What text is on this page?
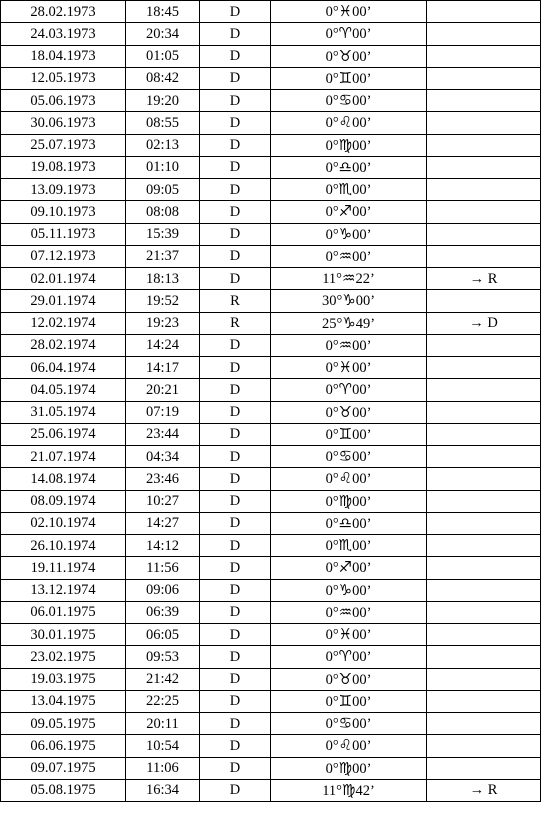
28.02.1973	18:45	D	0°♓00’	
24.03.1973	20:34	D	0°♈00’	
18.04.1973	01:05	D	0°♉00’	
12.05.1973	08:42	D	0°♊00’	
05.06.1973	19:20	D	0°♋00’	
30.06.1973	08:55	D	0°♌00’	
25.07.1973	02:13	D	0°♍00’	
19.08.1973	01:10	D	0°♎00’	
13.09.1973	09:05	D	0°♏00’	
09.10.1973	08:08	D	0°♐00’	
05.11.1973	15:39	D	0°♑00’	
07.12.1973	21:37	D	0°♒00’	
02.01.1974	18:13	D	11°♒22’	→ R
29.01.1974	19:52	R	30°♑00’	
12.02.1974	19:23	R	25°♑49’	→ D
28.02.1974	14:24	D	0°♒00’	
06.04.1974	14:17	D	0°♓00’	
04.05.1974	20:21	D	0°♈00’	
31.05.1974	07:19	D	0°♉00’	
25.06.1974	23:44	D	0°♊00’	
21.07.1974	04:34	D	0°♋00’	
14.08.1974	23:46	D	0°♌00’	
08.09.1974	10:27	D	0°♍00’	
02.10.1974	14:27	D	0°♎00’	
26.10.1974	14:12	D	0°♏00’	
19.11.1974	11:56	D	0°♐00’	
13.12.1974	09:06	D	0°♑00’	
06.01.1975	06:39	D	0°♒00’	
30.01.1975	06:05	D	0°♓00’	
23.02.1975	09:53	D	0°♈00’	
19.03.1975	21:42	D	0°♉00’	
13.04.1975	22:25	D	0°♊00’	
09.05.1975	20:11	D	0°♋00’	
06.06.1975	10:54	D	0°♌00’	
09.07.1975	11:06	D	0°♍00’	
05.08.1975	16:34	D	11°♍42’	→ R
